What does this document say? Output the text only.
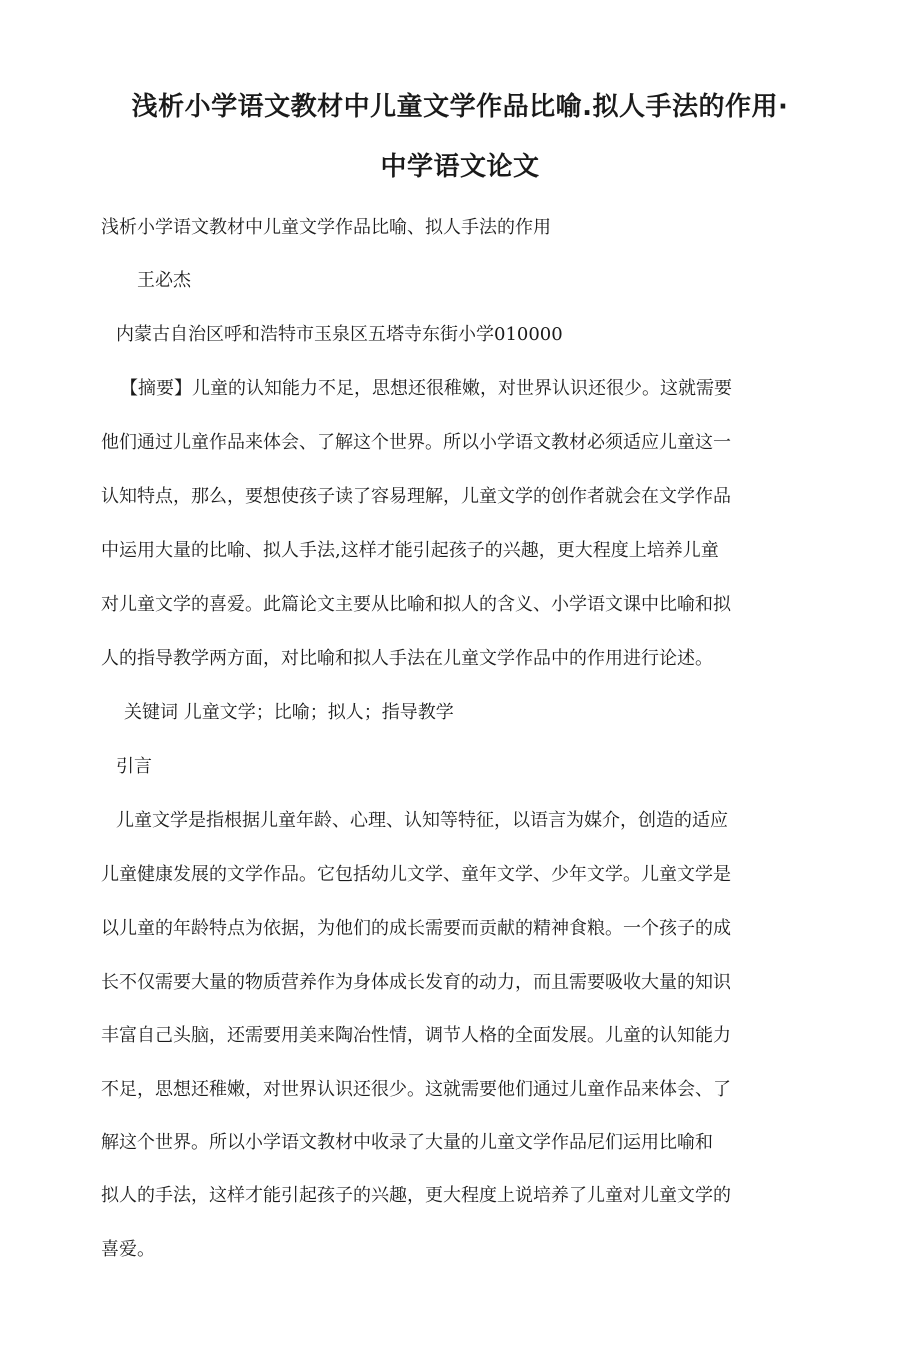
浅析小学语文教材中儿童文学作品比喻.拟人手法的作用·
中学语文论文
浅析小学语文教材中儿童文学作品比喻、拟人手法的作用
王必杰
内蒙古自治区呼和浩特市玉泉区五塔寺东街小学010000
【摘要】儿童的认知能力不足，思想还很稚嫩，对世界认识还很少。这就需要
他们通过儿童作品来体会、了解这个世界。所以小学语文教材必须适应儿童这一
认知特点，那么，要想使孩子读了容易理解，儿童文学的创作者就会在文学作品
中运用大量的比喻、拟人手法,这样才能引起孩子的兴趣，更大程度上培养儿童
对儿童文学的喜爱。此篇论文主要从比喻和拟人的含义、小学语文课中比喻和拟
人的指导教学两方面，对比喻和拟人手法在儿童文学作品中的作用进行论述。
关键词 儿童文学；比喻；拟人；指导教学
引言
儿童文学是指根据儿童年龄、心理、认知等特征，以语言为媒介，创造的适应
儿童健康发展的文学作品。它包括幼儿文学、童年文学、少年文学。儿童文学是
以儿童的年龄特点为依据，为他们的成长需要而贡献的精神食粮。一个孩子的成
长不仅需要大量的物质营养作为身体成长发育的动力，而且需要吸收大量的知识
丰富自己头脑，还需要用美来陶冶性情，调节人格的全面发展。儿童的认知能力
不足，思想还稚嫩，对世界认识还很少。这就需要他们通过儿童作品来体会、了
解这个世界。所以小学语文教材中收录了大量的儿童文学作品尼们运用比喻和
拟人的手法，这样才能引起孩子的兴趣，更大程度上说培养了儿童对儿童文学的
喜爱。
